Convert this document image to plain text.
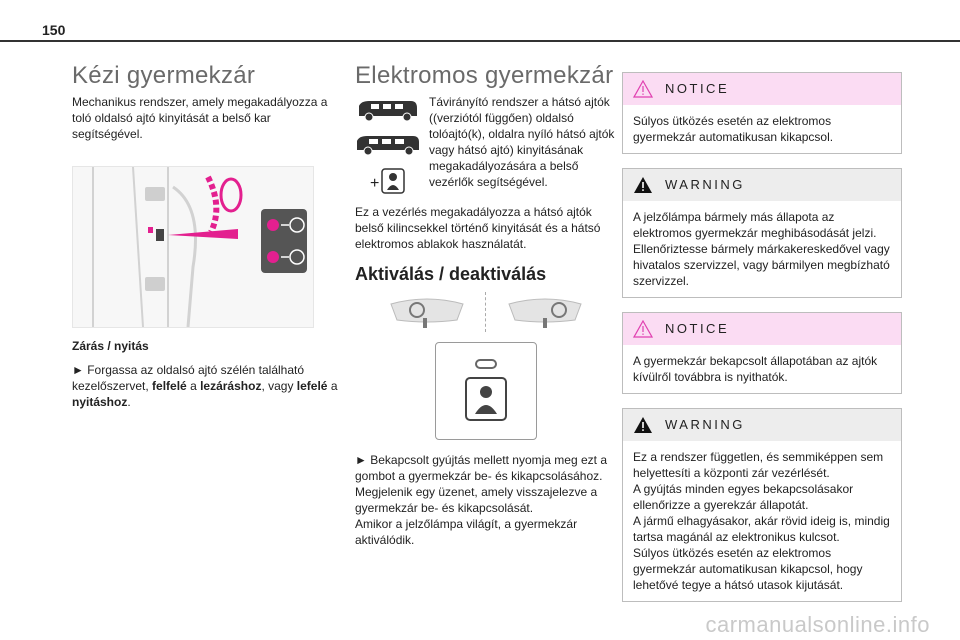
150
Kézi gyermekzár

Mechanikus rendszer, amely megakadályozza a toló oldalsó ajtó kinyitását a belső kar segítségével.

Zárás / nyitás

► Forgassa az oldalsó ajtó szélén található kezelőszervet, felfelé a lezáráshoz, vagy lefelé a nyitáshoz.

Elektromos gyermekzár
+
Távirányító rendszer a hátsó ajtók ((verziótól függően) oldalsó tolóajtó(k), oldalra nyíló hátsó ajtók vagy hátsó ajtó) kinyitásának megakadályozására a belső vezérlők segítségével.

Ez a vezérlés megakadályozza a hátsó ajtók belső kilincsekkel történő kinyitását és a hátsó elektromos ablakok használatát.

Aktiválás / deaktiválás

► Bekapcsolt gyújtás mellett nyomja meg ezt a gombot a gyermekzár be- és kikapcsolásához.
Megjelenik egy üzenet, amely visszajelezve a gyermekzár be- és kikapcsolását.
Amikor a jelzőlámpa világít, a gyermekzár aktiválódik.

NOTICE
Súlyos ütközés esetén az elektromos gyermekzár automatikusan kikapcsol.
WARNING
A jelzőlámpa bármely más állapota az elektromos gyermekzár meghibásodását jelzi. Ellenőriztesse bármely márkakereskedővel vagy hivatalos szervizzel, vagy bármilyen megbízható szervizzel.
NOTICE
A gyermekzár bekapcsolt állapotában az ajtók kívülről továbbra is nyithatók.
WARNING
Ez a rendszer független, és semmiképpen sem helyettesíti a központi zár vezérlését.
A gyújtás minden egyes bekapcsolásakor ellenőrizze a gyerekzár állapotát.
A jármű elhagyásakor, akár rövid ideig is, mindig tartsa magánál az elektronikus kulcsot.
Súlyos ütközés esetén az elektromos gyermekzár automatikusan kikapcsol, hogy lehetővé tegye a hátsó utasok kijutását.
carmanualsonline.info
